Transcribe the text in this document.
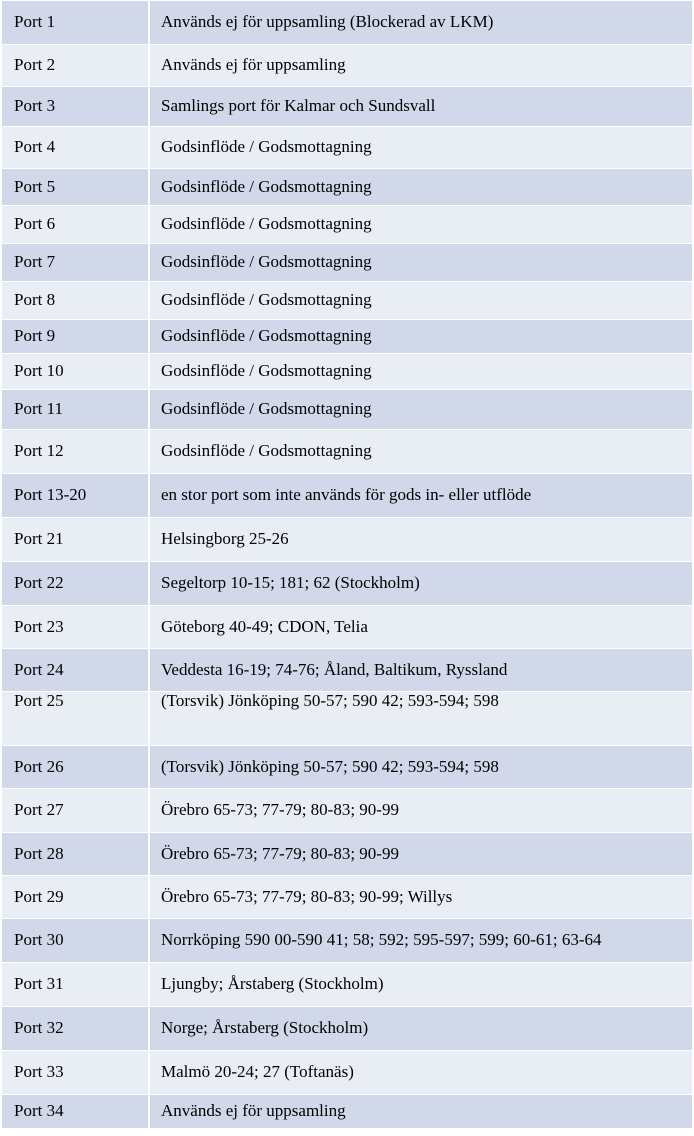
Port 1	Används ej för uppsamling (Blockerad av LKM)
Port 2	Används ej för uppsamling
Port 3	Samlings port för Kalmar och Sundsvall
Port 4	Godsinflöde / Godsmottagning
Port 5	Godsinflöde / Godsmottagning
Port 6	Godsinflöde / Godsmottagning
Port 7	Godsinflöde / Godsmottagning
Port 8	Godsinflöde / Godsmottagning
Port 9	Godsinflöde / Godsmottagning
Port 10	Godsinflöde / Godsmottagning
Port 11	Godsinflöde / Godsmottagning
Port 12	Godsinflöde / Godsmottagning
Port 13-20	en stor port som inte används för gods in- eller utflöde
Port 21	Helsingborg 25-26
Port 22	Segeltorp 10-15; 181; 62 (Stockholm)
Port 23	Göteborg 40-49; CDON, Telia
Port 24	Veddesta 16-19; 74-76; Åland, Baltikum, Ryssland
Port 25	(Torsvik) Jönköping 50-57; 590 42; 593-594; 598
Port 26	(Torsvik) Jönköping 50-57; 590 42; 593-594; 598
Port 27	Örebro 65-73; 77-79; 80-83; 90-99
Port 28	Örebro 65-73; 77-79; 80-83; 90-99
Port 29	Örebro 65-73; 77-79; 80-83; 90-99; Willys
Port 30	Norrköping 590 00-590 41; 58; 592; 595-597; 599; 60-61; 63-64
Port 31	Ljungby; Årstaberg (Stockholm)
Port 32	Norge; Årstaberg (Stockholm)
Port 33	Malmö 20-24; 27 (Toftanäs)
Port 34	Används ej för uppsamling
